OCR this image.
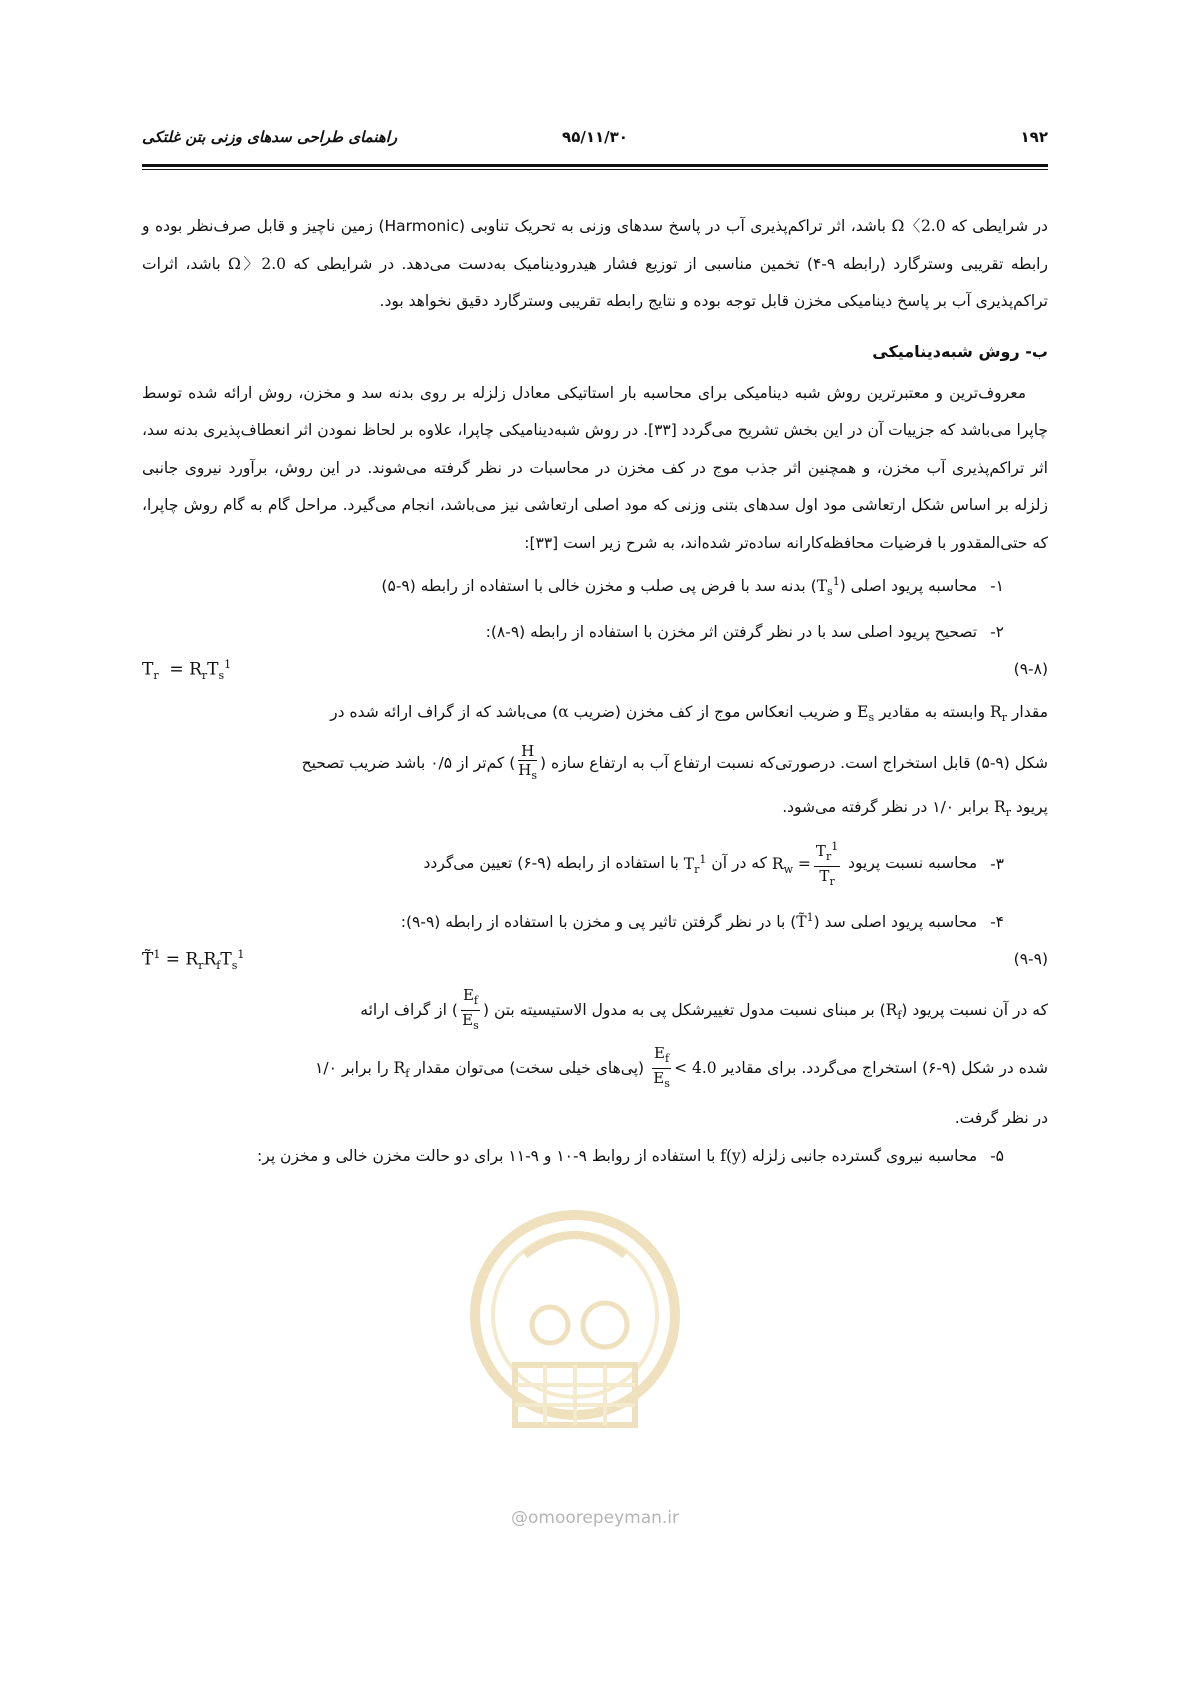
۱۹۲
۹۵/۱۱/۳۰
راهنمای طراحی سدهای وزنی بتن غلتکی

در شرایطی که Ω〈2.0 باشد، اثر تراکم‌پذیری آب در پاسخ سدهای وزنی به تحریک تناوبی (Harmonic) زمین ناچیز و قابل صرف‌نظر بوده و رابطه تقریبی وسترگارد (رابطه ۹-۴) تخمین مناسبی از توزیع فشار هیدرودینامیک به‌دست می‌دهد. در شرایطی که Ω〉2.0 باشد، اثرات تراکم‌پذیری آب بر پاسخ دینامیکی مخزن قابل توجه بوده و نتایج رابطه تقریبی وسترگارد دقیق نخواهد بود.

ب- روش شبه‌دینامیکی

معروف‌ترین و معتبرترین روش شبه دینامیکی برای محاسبه بار استاتیکی معادل زلزله بر روی بدنه سد و مخزن، روش ارائه شده توسط چاپرا می‌باشد که جزییات آن در این بخش تشریح می‌گردد [۳۳]. در روش شبه‌دینامیکی چاپرا، علاوه بر لحاظ نمودن اثر انعطاف‌پذیری بدنه سد، اثر تراکم‌پذیری آب مخزن، و همچنین اثر جذب موج در کف مخزن در محاسبات در نظر گرفته می‌شوند. در این روش، برآورد نیروی جانبی زلزله بر اساس شکل ارتعاشی مود اول سدهای بتنی وزنی که مود اصلی ارتعاشی نیز می‌باشد، انجام می‌گیرد. مراحل گام به گام روش چاپرا، که حتی‌المقدور با فرضیات محافظه‌کارانه ساده‌تر شده‌اند، به شرح زیر است [۳۳]:

۱- محاسبه پریود اصلی $(T_s^1)$ بدنه سد با فرض پی صلب و مخزن خالی با استفاده از رابطه (۹-۵)
۲- تصحیح پریود اصلی سد با در نظر گرفتن اثر مخزن با استفاده از رابطه (۹-۸):
$T_r = R_rT_s^1$	(۹-۸)

مقدار $R_r$ وابسته به مقادیر $E_s$ و ضریب انعکاس موج از کف مخزن (ضریب α) می‌باشد که از گراف ارائه شده در

شکل (۹-۵) قابل استخراج است. درصورتی‌که نسبت ارتفاع آب به ارتفاع سازه (
$\frac{H}{H_s}$
) کم‌تر از ۰/۵ باشد ضریب تصحیح

پریود $R_r$ برابر ۱/۰ در نظر گرفته می‌شود.

۳- محاسبه نسبت پریود $R_w = \frac{T_r^1}{T_r}$
که در آن $T_r^1$ با استفاده از رابطه (۹-۶) تعیین می‌گردد
۴- محاسبه پریود اصلی سد (T̃$^1$) با در نظر گرفتن تاثیر پی و مخزن با استفاده از رابطه (۹-۹):
T̃$^1$ = $R_rR_fT_s^1$	(۹-۹)

که در آن نسبت پریود $(R_f)$ بر مبنای نسبت مدول تغییرشکل پی به مدول الاستیسیته بتن (
$\frac{E_f}{E_s}$
) از گراف ارائه

شده در شکل (۹-۶) استخراج می‌گردد. برای مقادیر
$\frac{E_f}{E_s} < 4.0$ (پی‌های خیلی سخت) می‌توان مقدار $R_f$ را برابر ۱/۰

در نظر گرفت.

۵- محاسبه نیروی گسترده جانبی زلزله f(y) با استفاده از روابط ۹-۱۰ و ۹-۱۱ برای دو حالت مخزن خالی و مخزن پر:
@omoorepeyman.ir
